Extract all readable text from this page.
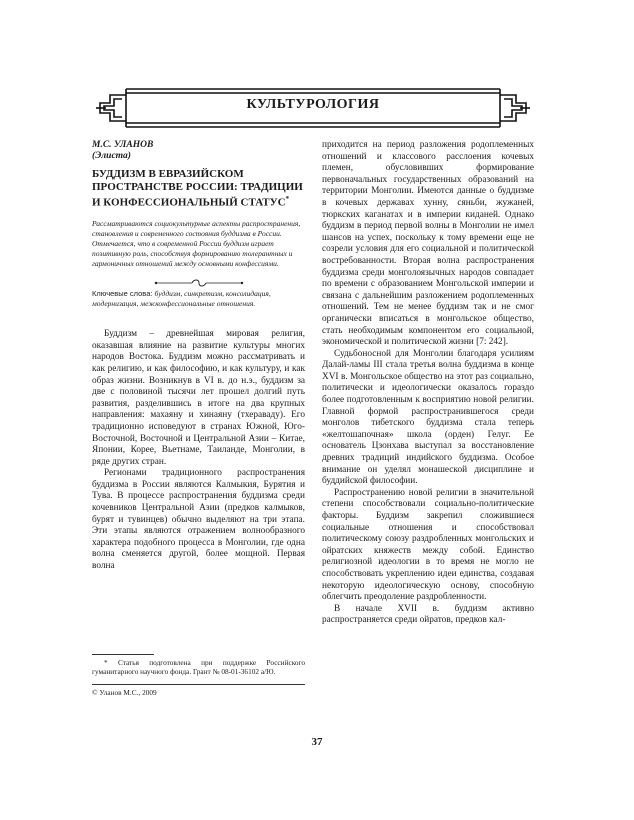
КУЛЬТУРОЛОГИЯ
М.С. УЛАНОВ
(Элиста)
БУДДИЗМ В ЕВРАЗИЙСКОМ ПРОСТРАНСТВЕ РОССИИ: ТРАДИЦИИ И КОНФЕССИОНАЛЬНЫЙ СТАТУС*
Рассматриваются социокультурные аспекты распространения, становления и современного состояния буддизма в России. Отмечается, что в современной России буддизм играет позитивную роль, способствуя формированию толерантных и гармоничных отношений между основными конфессиями.
Ключевые слова: буддизм, синкретизм, консолидация, модернизация, межконфессиональные отношения.

Буддизм – древнейшая мировая религия, оказавшая влияние на развитие культуры многих народов Востока. Буддизм можно рассматривать и как религию, и как философию, и как культуру, и как образ жизни. Возникнув в VI в. до н.э., буддизм за две с половиной тысячи лет прошел долгий путь развития, разделившись в итоге на два крупных направления: махаяну и хинаяну (тхераваду). Его традиционно исповедуют в странах Южной, Юго-Восточной, Восточной и Центральной Азии – Китае, Японии, Корее, Вьетнаме, Таиланде, Монголии, в ряде других стран.

Регионами традиционного распространения буддизма в России являются Калмыкия, Бурятия и Тува. В процессе распространения буддизма среди кочевников Центральной Азии (предков калмыков, бурят и тувинцев) обычно выделяют на три этапа. Эти этапы являются отражением волнообразного характера подобного процесса в Монголии, где одна волна сменяется другой, более мощной. Первая волна

приходится на период разложения родоплеменных отношений и классового расслоения кочевых племен, обусловивших формирование первоначальных государственных образований на территории Монголии. Имеются данные о буддизме в кочевых державах хунну, сяньби, жужаней, тюркских каганатах и в империи киданей. Однако буддизм в период первой волны в Монголии не имел шансов на успех, поскольку к тому времени еще не созрели условия для его социальной и политической востребованности. Вторая волна распространения буддизма среди монголоязычных народов совпадает по времени с образованием Монгольской империи и связана с дальнейшим разложением родоплеменных отношений. Тем не менее буддизм так и не смог органически вписаться в монгольское общество, стать необходимым компонентом его социальной, экономической и политической жизни [7: 242].

Судьбоносной для Монголии благодаря усилиям Далай-ламы III стала третья волна буддизма в конце XVI в. Монгольское общество на этот раз социально, политически и идеологически оказалось гораздо более подготовленным к восприятию новой религии. Главной формой распространившегося среди монголов тибетского буддизма стала теперь «желтошапочная» школа (орден) Гелуг. Ее основатель Цзонхава выступал за восстановление древних традиций индийского буддизма. Особое внимание он уделял монашеской дисциплине и буддийской философии.

Распространению новой религии в значительной степени способствовали социально-политические факторы. Буддизм закрепил сложившиеся социальные отношения и способствовал политическому союзу раздробленных монгольских и ойратских княжеств между собой. Единство религиозной идеологии в то время не могло не способствовать укреплению идеи единства, создавая некоторую идеологическую основу, способную облегчить преодоление раздробленности.

В начале XVII в. буддизм активно распространяется среди ойратов, предков кал-

* Статья подготовлена при поддержке Российского гуманитарного научного фонда. Грант № 08-01-36102 а/Ю.
© Уланов М.С., 2009
37
